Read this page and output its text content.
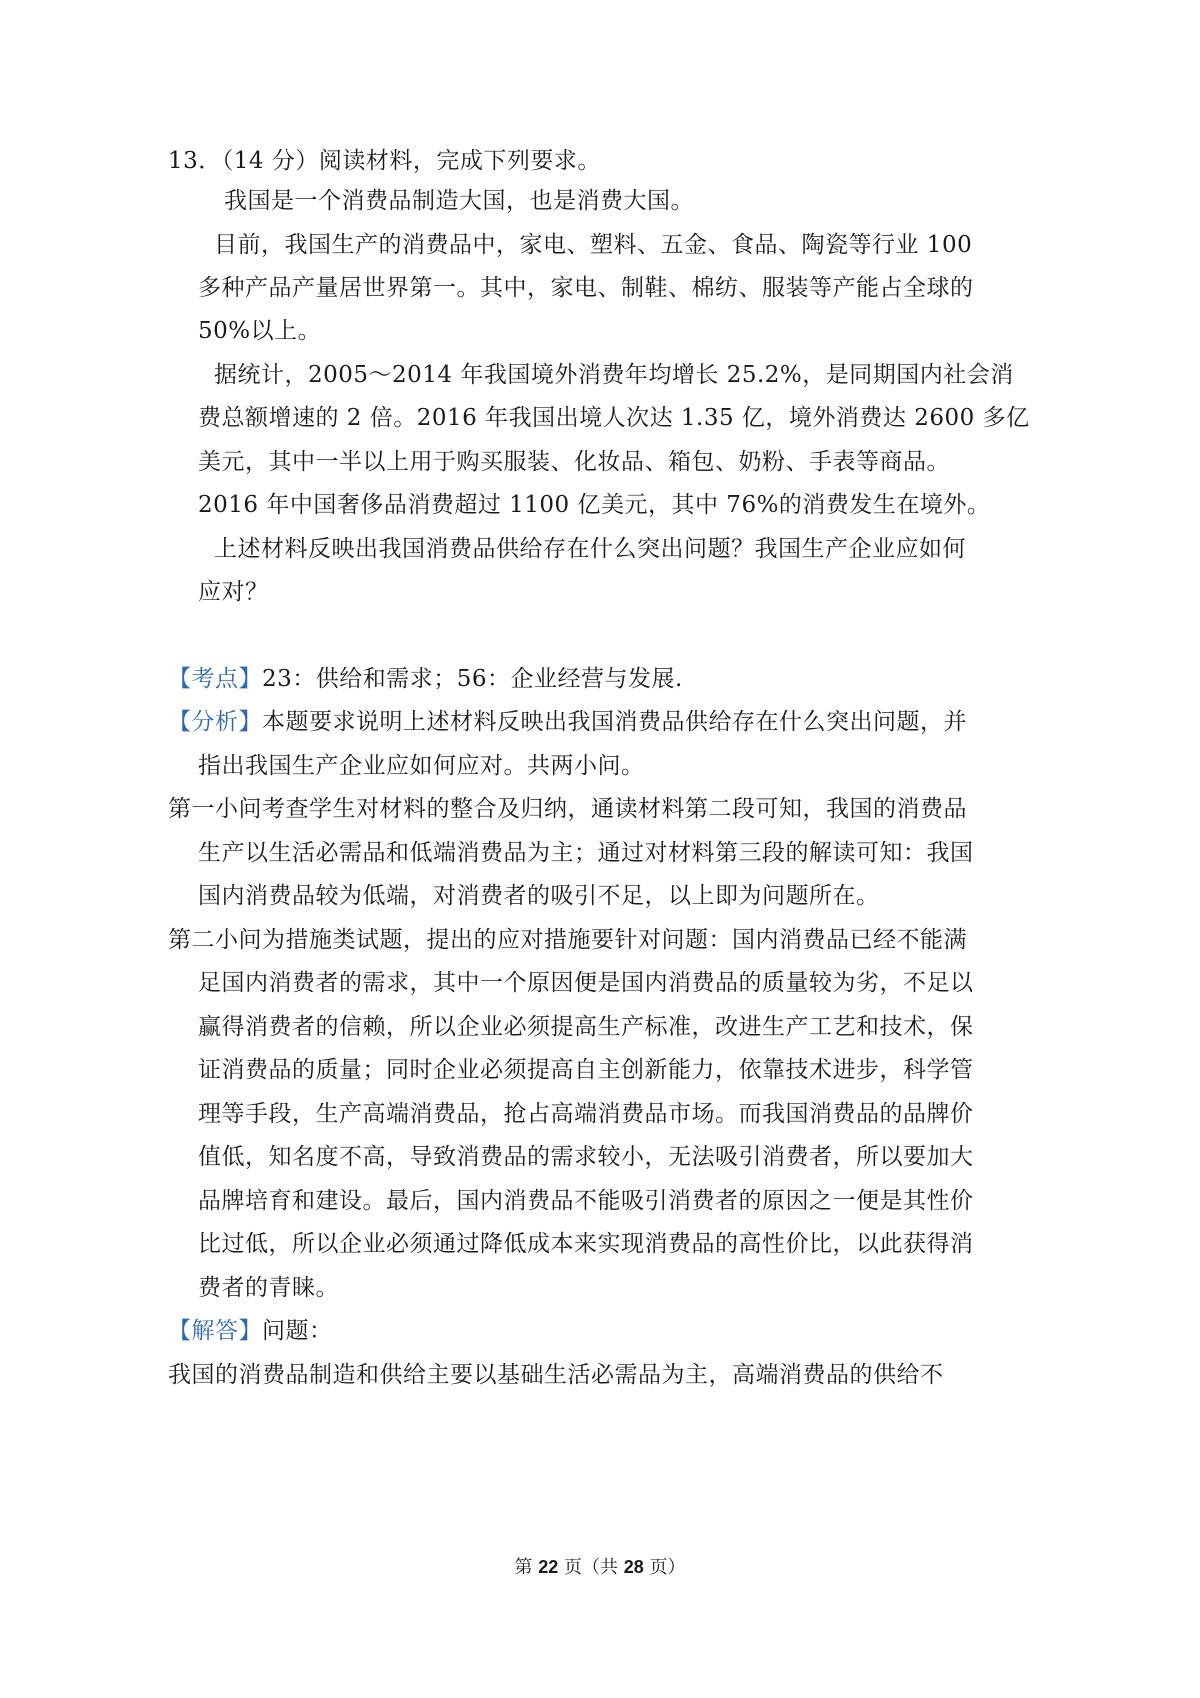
13．（14 分）阅读材料，完成下列要求。
我国是一个消费品制造大国，也是消费大国。
目前，我国生产的消费品中，家电、塑料、五金、食品、陶瓷等行业 100
多种产品产量居世界第一。其中，家电、制鞋、棉纺、服装等产能占全球的
50%以上。
据统计，2005～2014 年我国境外消费年均增长 25.2%，是同期国内社会消
费总额增速的 2 倍。2016 年我国出境人次达 1.35 亿，境外消费达 2600 多亿
美元，其中一半以上用于购买服装、化妆品、箱包、奶粉、手表等商品。
2016 年中国奢侈品消费超过 1100 亿美元，其中 76%的消费发生在境外。
上述材料反映出我国消费品供给存在什么突出问题？我国生产企业应如何
应对？
【考点】23：供给和需求；56：企业经营与发展.
【分析】本题要求说明上述材料反映出我国消费品供给存在什么突出问题，并
指出我国生产企业应如何应对。共两小问。
第一小问考查学生对材料的整合及归纳，通读材料第二段可知，我国的消费品
生产以生活必需品和低端消费品为主；通过对材料第三段的解读可知：我国
国内消费品较为低端，对消费者的吸引不足，以上即为问题所在。
第二小问为措施类试题，提出的应对措施要针对问题：国内消费品已经不能满
足国内消费者的需求，其中一个原因便是国内消费品的质量较为劣，不足以
赢得消费者的信赖，所以企业必须提高生产标准，改进生产工艺和技术，保
证消费品的质量；同时企业必须提高自主创新能力，依靠技术进步，科学管
理等手段，生产高端消费品，抢占高端消费品市场。而我国消费品的品牌价
值低，知名度不高，导致消费品的需求较小，无法吸引消费者，所以要加大
品牌培育和建设。最后，国内消费品不能吸引消费者的原因之一便是其性价
比过低，所以企业必须通过降低成本来实现消费品的高性价比，以此获得消
费者的青睐。
【解答】问题：
我国的消费品制造和供给主要以基础生活必需品为主，高端消费品的供给不
第 22 页（共 28 页）
